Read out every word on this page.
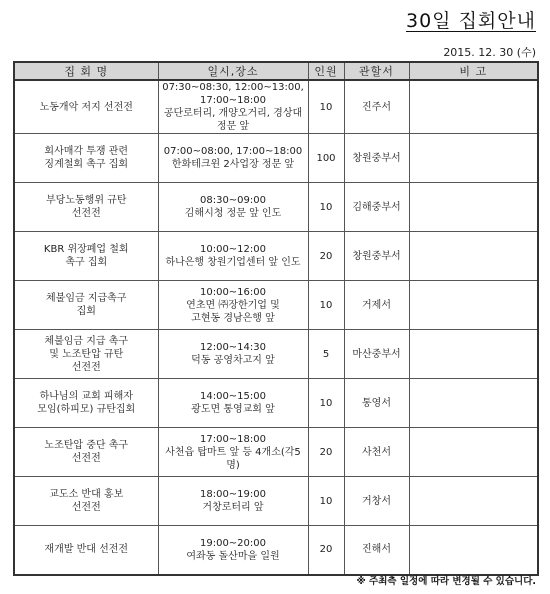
30일 집회안내
2015. 12. 30 (수)
집 회 명	일시,장소	인원	관할서	비 고
노동개악 저지 선전전	07:30~08:30, 12:00~13:00,
17:00~18:00
공단로터리, 개양오거리, 경상대
정문 앞	10	진주서	
회사매각 투쟁 관련
징계철회 촉구 집회	07:00~08:00, 17:00~18:00
한화테크윈 2사업장 정문 앞	100	창원중부서	
부당노동행위 규탄
선전전	08:30~09:00
김해시청 정문 앞 인도	10	김해중부서	
KBR 위장폐업 철회
촉구 집회	10:00~12:00
하나은행 창원기업센터 앞 인도	20	창원중부서	
체불임금 지급촉구
집회	10:00~16:00
연초면 ㈜장한기업 및
고현동 경남은행 앞	10	거제서	
체불임금 지급 촉구
및 노조탄압 규탄
선전전	12:00~14:30
덕동 공영차고지 앞	5	마산중부서	
하나님의 교회 피해자
모임(하피모) 규탄집회	14:00~15:00
광도면 통영교회 앞	10	통영서	
노조탄압 중단 촉구
선전전	17:00~18:00
사천읍 탑마트 앞 등 4개소(각5명)	20	사천서	
교도소 반대 홍보
선전전	18:00~19:00
거창로터리 앞	10	거창서	
재개발 반대 선전전	19:00~20:00
여좌동 돌산마을 일원	20	진해서	
※ 주최측 일정에 따라 변경될 수 있습니다.
